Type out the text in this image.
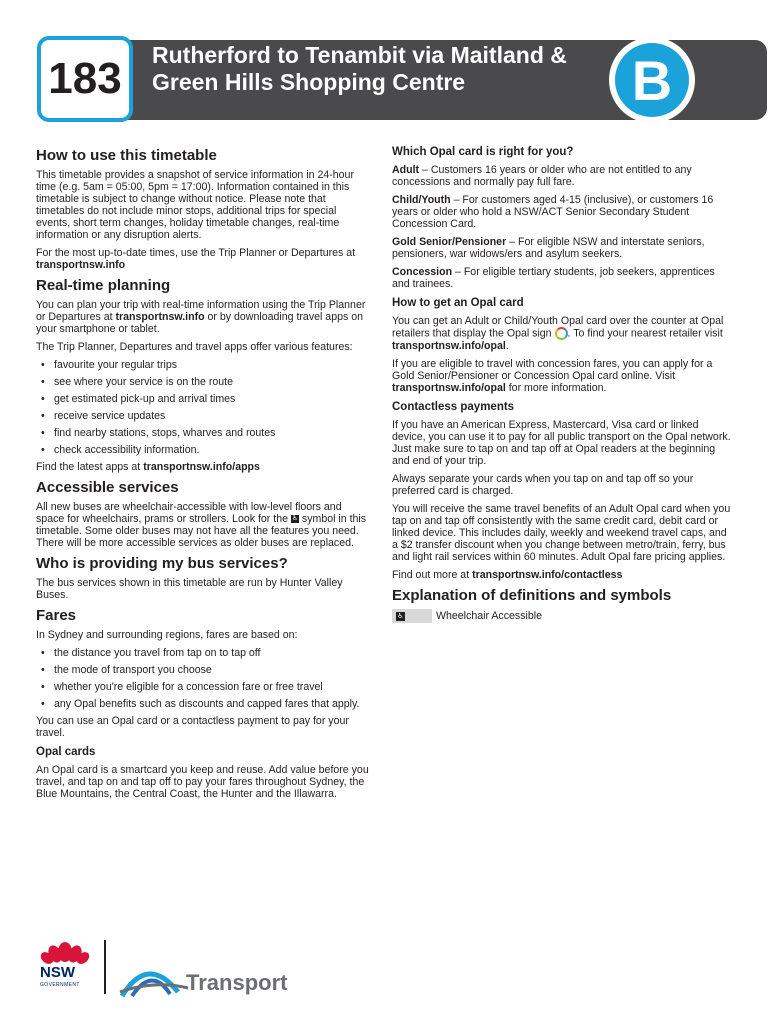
183	Rutherford to Tenambit via Maitland & Green Hills Shopping Centre	B
How to use this timetable

This timetable provides a snapshot of service information in 24-hour time (e.g. 5am = 05:00, 5pm = 17:00). Information contained in this timetable is subject to change without notice. Please note that timetables do not include minor stops, additional trips for special events, short term changes, holiday timetable changes, real-time information or any disruption alerts.

For the most up-to-date times, use the Trip Planner or Departures at transportnsw.info

Real-time planning

You can plan your trip with real-time information using the Trip Planner or Departures at transportnsw.info or by downloading travel apps on your smartphone or tablet.

The Trip Planner, Departures and travel apps offer various features:

• favourite your regular trips
• see where your service is on the route
• get estimated pick-up and arrival times
• receive service updates
• find nearby stations, stops, wharves and routes
• check accessibility information.

Find the latest apps at transportnsw.info/apps

Accessible services

All new buses are wheelchair-accessible with low-level floors and space for wheelchairs, prams or strollers. Look for the ♿ symbol in this timetable. Some older buses may not have all the features you need. There will be more accessible services as older buses are replaced.

Who is providing my bus services?

The bus services shown in this timetable are run by Hunter Valley Buses.

Fares

In Sydney and surrounding regions, fares are based on:

• the distance you travel from tap on to tap off
• the mode of transport you choose
• whether you're eligible for a concession fare or free travel
• any Opal benefits such as discounts and capped fares that apply.

You can use an Opal card or a contactless payment to pay for your travel.

Opal cards

An Opal card is a smartcard you keep and reuse. Add value before you travel, and tap on and tap off to pay your fares throughout Sydney, the Blue Mountains, the Central Coast, the Hunter and the Illawarra.

Which Opal card is right for you?

Adult – Customers 16 years or older who are not entitled to any concessions and normally pay full fare.

Child/Youth – For customers aged 4-15 (inclusive), or customers 16 years or older who hold a NSW/ACT Senior Secondary Student Concession Card.

Gold Senior/Pensioner – For eligible NSW and interstate seniors, pensioners, war widows/ers and asylum seekers.

Concession – For eligible tertiary students, job seekers, apprentices and trainees.

How to get an Opal card

You can get an Adult or Child/Youth Opal card over the counter at Opal retailers that display the Opal sign . To find your nearest retailer visit transportnsw.info/opal.

If you are eligible to travel with concession fares, you can apply for a Gold Senior/Pensioner or Concession Opal card online. Visit transportnsw.info/opal for more information.

Contactless payments

If you have an American Express, Mastercard, Visa card or linked device, you can use it to pay for all public transport on the Opal network. Just make sure to tap on and tap off at Opal readers at the beginning and end of your trip.

Always separate your cards when you tap on and tap off so your preferred card is charged.

You will receive the same travel benefits of an Adult Opal card when you tap on and tap off consistently with the same credit card, debit card or linked device. This includes daily, weekly and weekend travel caps, and a $2 transfer discount when you change between metro/train, ferry, bus and light rail services within 60 minutes. Adult Opal fare pricing applies.

Find out more at transportnsw.info/contactless

Explanation of definitions and symbols
♿	Wheelchair Accessible
NSW
GOVERNMENT	Transport
